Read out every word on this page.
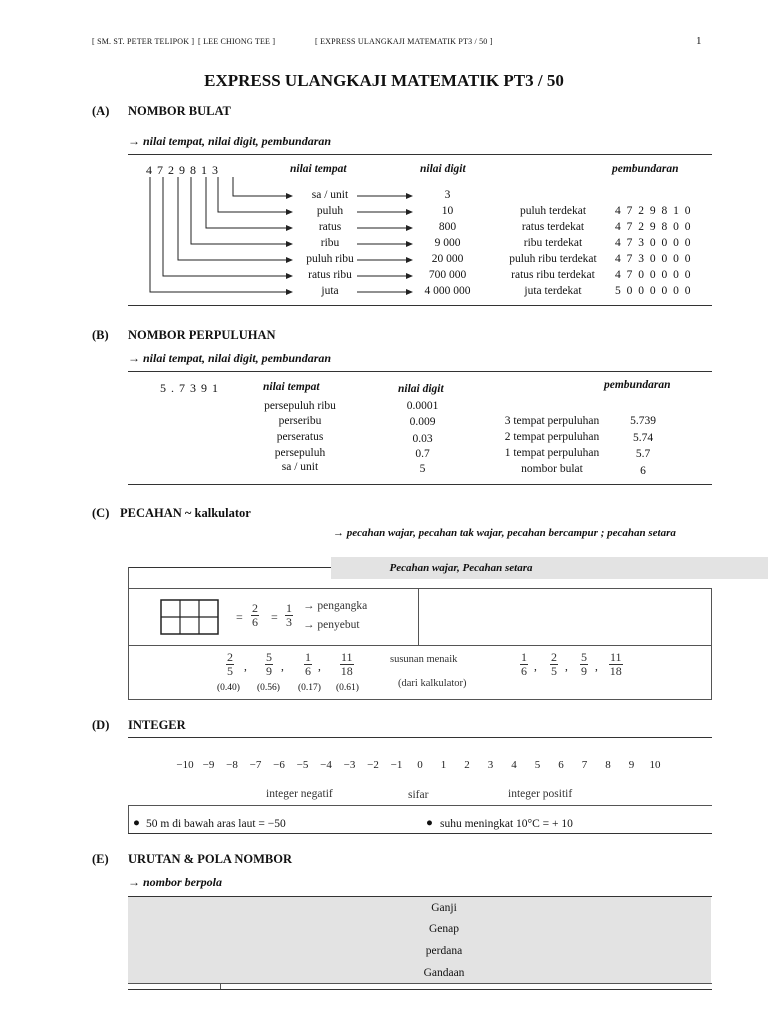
[ SM. ST. PETER TELIPOK ] [ LEE CHIONG TEE ]	[ EXPRESS ULANGKAJI MATEMATIK PT3 / 50 ]	1
EXPRESS ULANGKAJI MATEMATIK PT3 / 50
(A) NOMBOR BULAT
→ nilai tempat, nilai digit, pembundaran
4 7 2 9 8 1 3	nilai tempat	nilai digit	pembundaran
sa / unit	3
puluh	10	puluh terdekat	4 7 2 9 8 1 0
ratus	800	ratus terdekat	4 7 2 9 8 0 0
ribu	9 000	ribu terdekat	4 7 3 0 0 0 0
puluh ribu	20 000	puluh ribu terdekat	4 7 3 0 0 0 0
ratus ribu	700 000	ratus ribu terdekat	4 7 0 0 0 0 0
juta	4 000 000	juta terdekat	5 0 0 0 0 0 0
(B) NOMBOR PERPULUHAN
→ nilai tempat, nilai digit, pembundaran
5 . 7 3 9 1	nilai tempat	nilai digit	pembundaran
persepuluh ribu	0.0001
perseribu	0.009	3 tempat perpuluhan	5.739
perseratus	0.03	2 tempat perpuluhan	5.74
persepuluh	0.7	1 tempat perpuluhan	5.7
sa / unit	5	nombor bulat	6
(C) PECAHAN ~ kalkulator
→ pecahan wajar, pecahan tak wajar, pecahan bercampur ; pecahan setara
Pecahan wajar, Pecahan setara
= $\frac{2}{6} = \frac{1}{3}$ → pengangka
→ penyebut
$\frac{2}{5}$ , $\frac{5}{9}$ , $\frac{1}{6}$ , $\frac{11}{18}$
(0.40) (0.56) (0.17) (0.61)
susunan menaik
(dari kalkulator)
$\frac{1}{6}$ , $\frac{2}{5}$ , $\frac{5}{9}$ , $\frac{11}{18}$
(D) INTEGER
−10 −9	−8	−7	−6	−5	−4	−3	−2	−1	0	1	2	3	4	5	6	7	8	9	10
integer negatif	sifar	integer positif
● 50 m di bawah aras laut = −50	● suhu meningkat 10°C = + 10
(E) URUTAN & POLA NOMBOR
→ nombor berpola
Ganji
Genap
perdana
Gandaan
